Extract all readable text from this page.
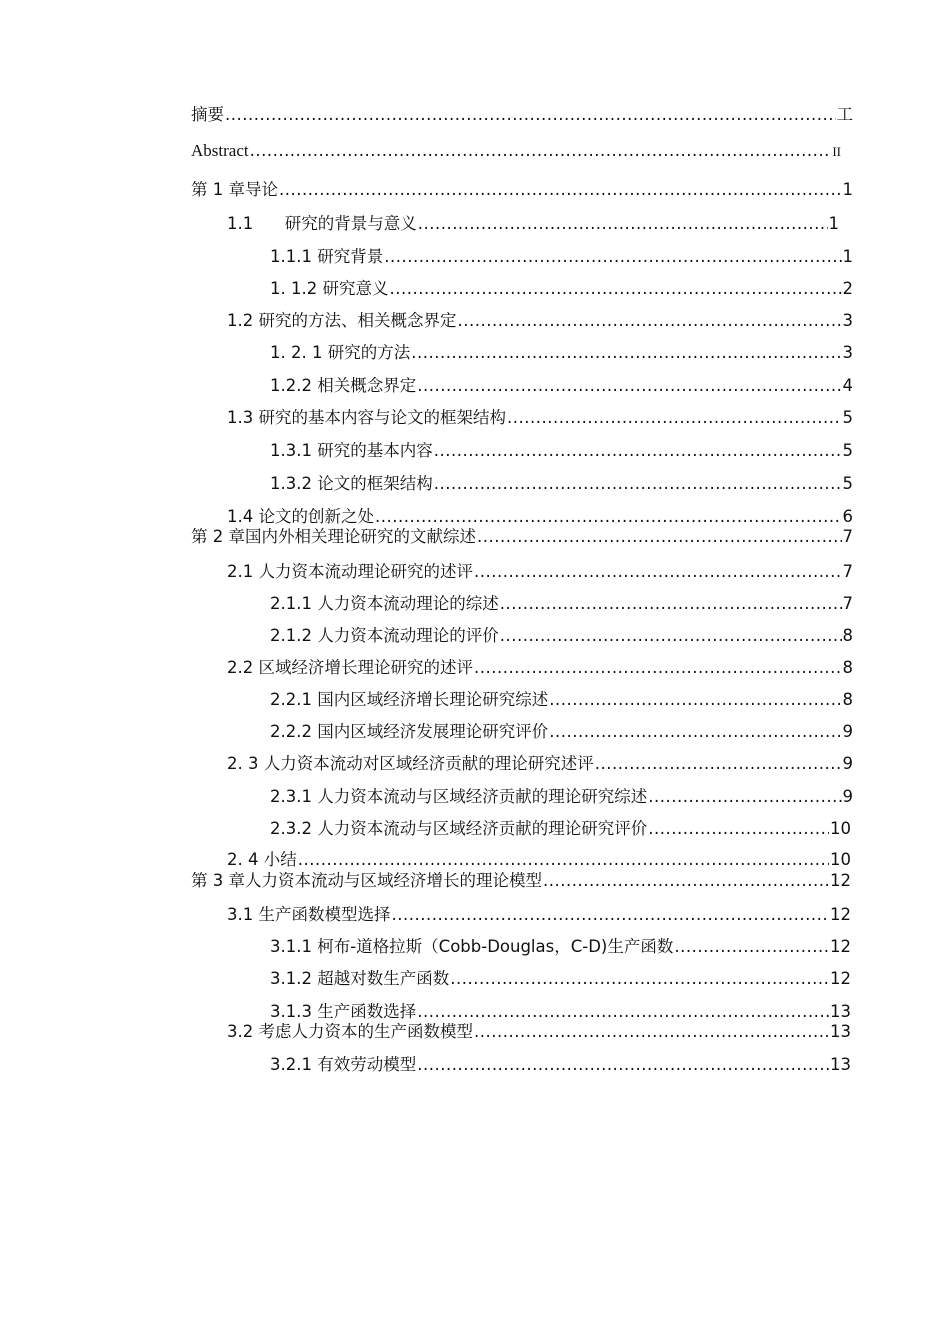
摘要 .....	工
Abstract .....	II
第 1 章导论 .....	1
1.1      研究的背景与意义 .....	1
1.1.1 研究背景 .....	1
1. 1.2 研究意义 .....	2
1.2 研究的方法、相关概念界定 .....	3
1. 2. 1 研究的方法 .....	3
1.2.2 相关概念界定 .....	4
1.3 研究的基本内容与论文的框架结构 .....	5
1.3.1 研究的基本内容 .....	5
1.3.2 论文的框架结构 .....	5
1.4 论文的创新之处 .....	6
第 2 章国内外相关理论研究的文献综述 .....	7
2.1 人力资本流动理论研究的述评 .....	7
2.1.1 人力资本流动理论的综述 .....	7
2.1.2 人力资本流动理论的评价 .....	8
2.2 区域经济增长理论研究的述评 .....	8
2.2.1 国内区域经济增长理论研究综述 .....	8
2.2.2 国内区域经济发展理论研究评价 .....	9
2. 3 人力资本流动对区域经济贡献的理论研究述评 .....	9
2.3.1 人力资本流动与区域经济贡献的理论研究综述 .....	9
2.3.2 人力资本流动与区域经济贡献的理论研究评价 .....	10
2. 4 小结 .....	10
第 3 章人力资本流动与区域经济增长的理论模型 .....	12
3.1 生产函数模型选择 .....	12
3.1.1 柯布-道格拉斯（Cobb-Douglas，C-D)生产函数 .....	12
3.1.2 超越对数生产函数 .....	12
3.1.3 生产函数选择 .....	13
3.2 考虑人力资本的生产函数模型 .....	13
3.2.1 有效劳动模型 .....	13
